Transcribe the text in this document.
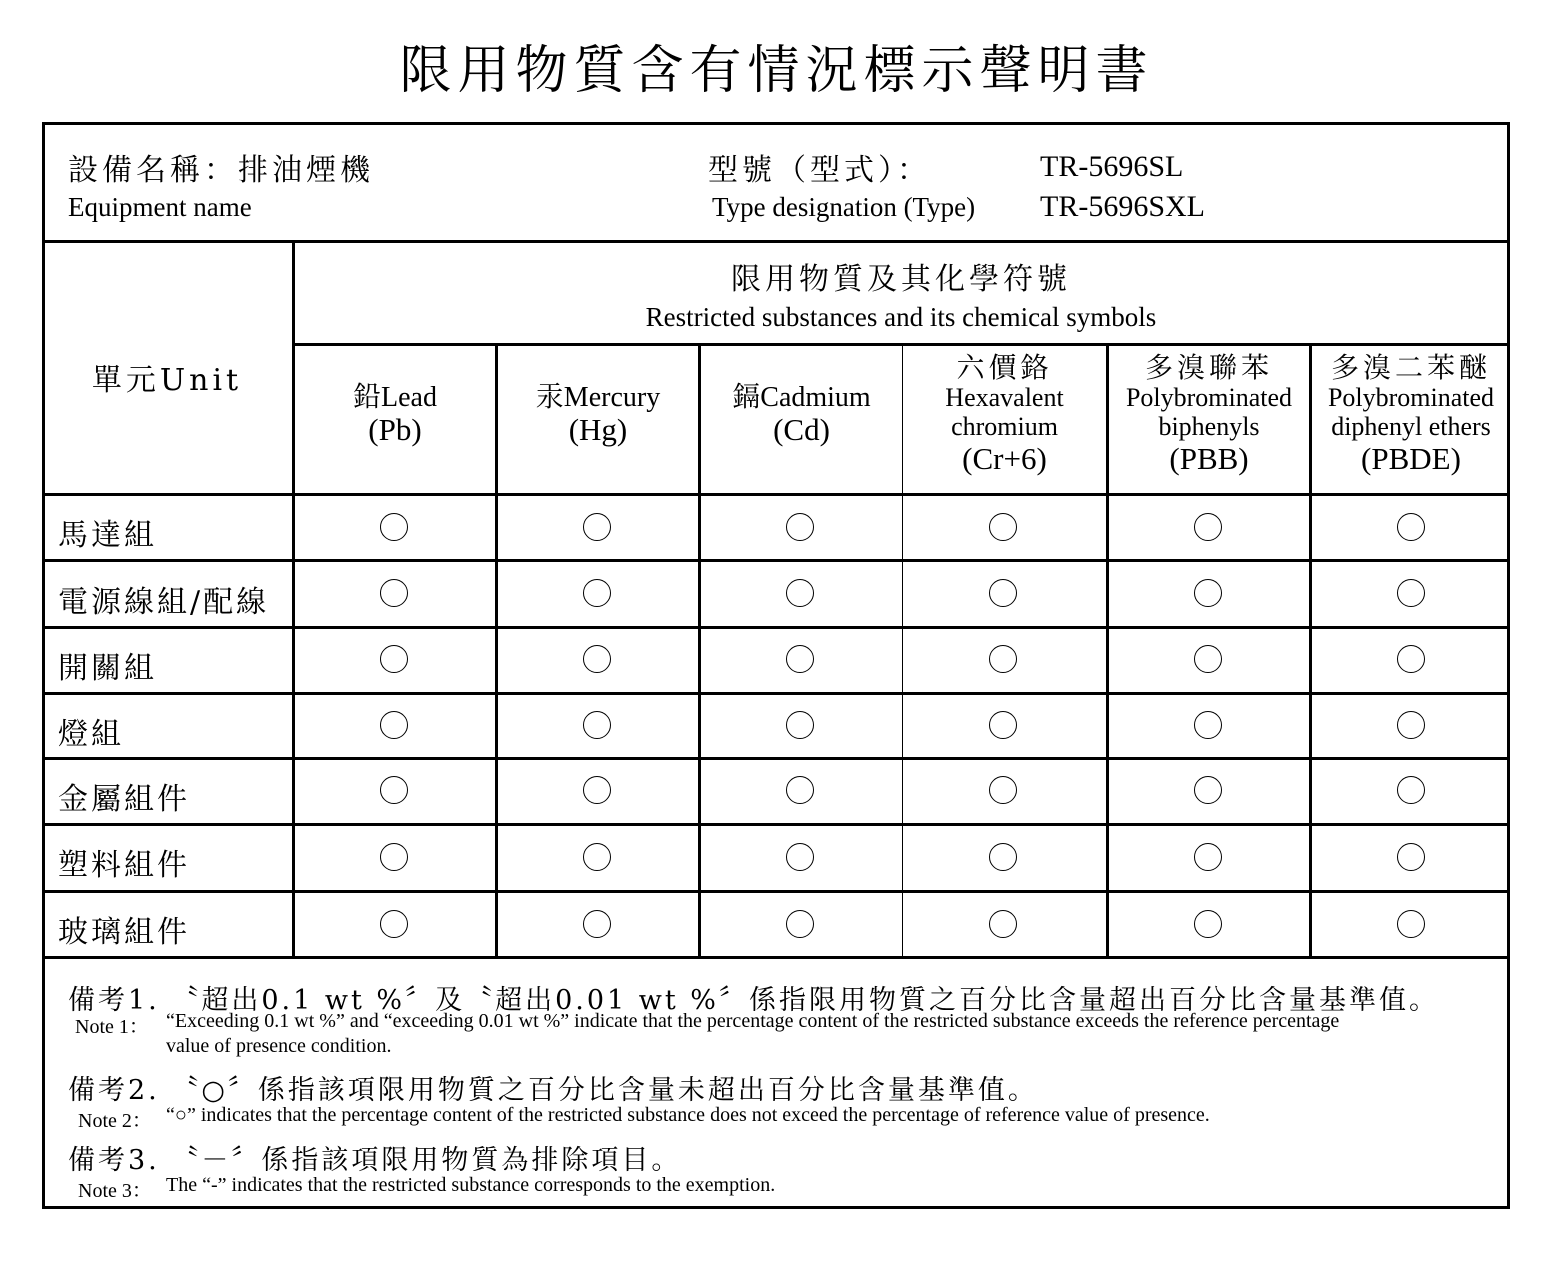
限用物質含有情況標示聲明書
設備名稱：排油煙機
Equipment name
型號（型式）：
Type designation (Type)
TR-5696SL
TR-5696SXL
單元Unit
限用物質及其化學符號
Restricted substances and its chemical symbols
鉛Lead
(Pb)
汞Mercury
(Hg)
鎘Cadmium
(Cd)
六價鉻
Hexavalent chromium
(Cr+6)
多溴聯苯
Polybrominated biphenyls
(PBB)
多溴二苯醚
Polybrominated diphenyl ethers
(PBDE)
馬達組
電源線組/配線
開關組
燈組
金屬組件
塑料組件
玻璃組件
備考1. 〝超出0.1 wt %〞及〝超出0.01 wt %〞係指限用物質之百分比含量超出百分比含量基準值。
Note 1： “Exceeding 0.1 wt %” and “exceeding 0.01 wt %” indicate that the percentage content of the restricted substance exceeds the reference percentage
value of presence condition.
備考2. 〝○〞係指該項限用物質之百分比含量未超出百分比含量基準值。
Note 2： “○” indicates that the percentage content of the restricted substance does not exceed the percentage of reference value of presence.
備考3. 〝－〞係指該項限用物質為排除項目。
Note 3： The “-” indicates that the restricted substance corresponds to the exemption.
